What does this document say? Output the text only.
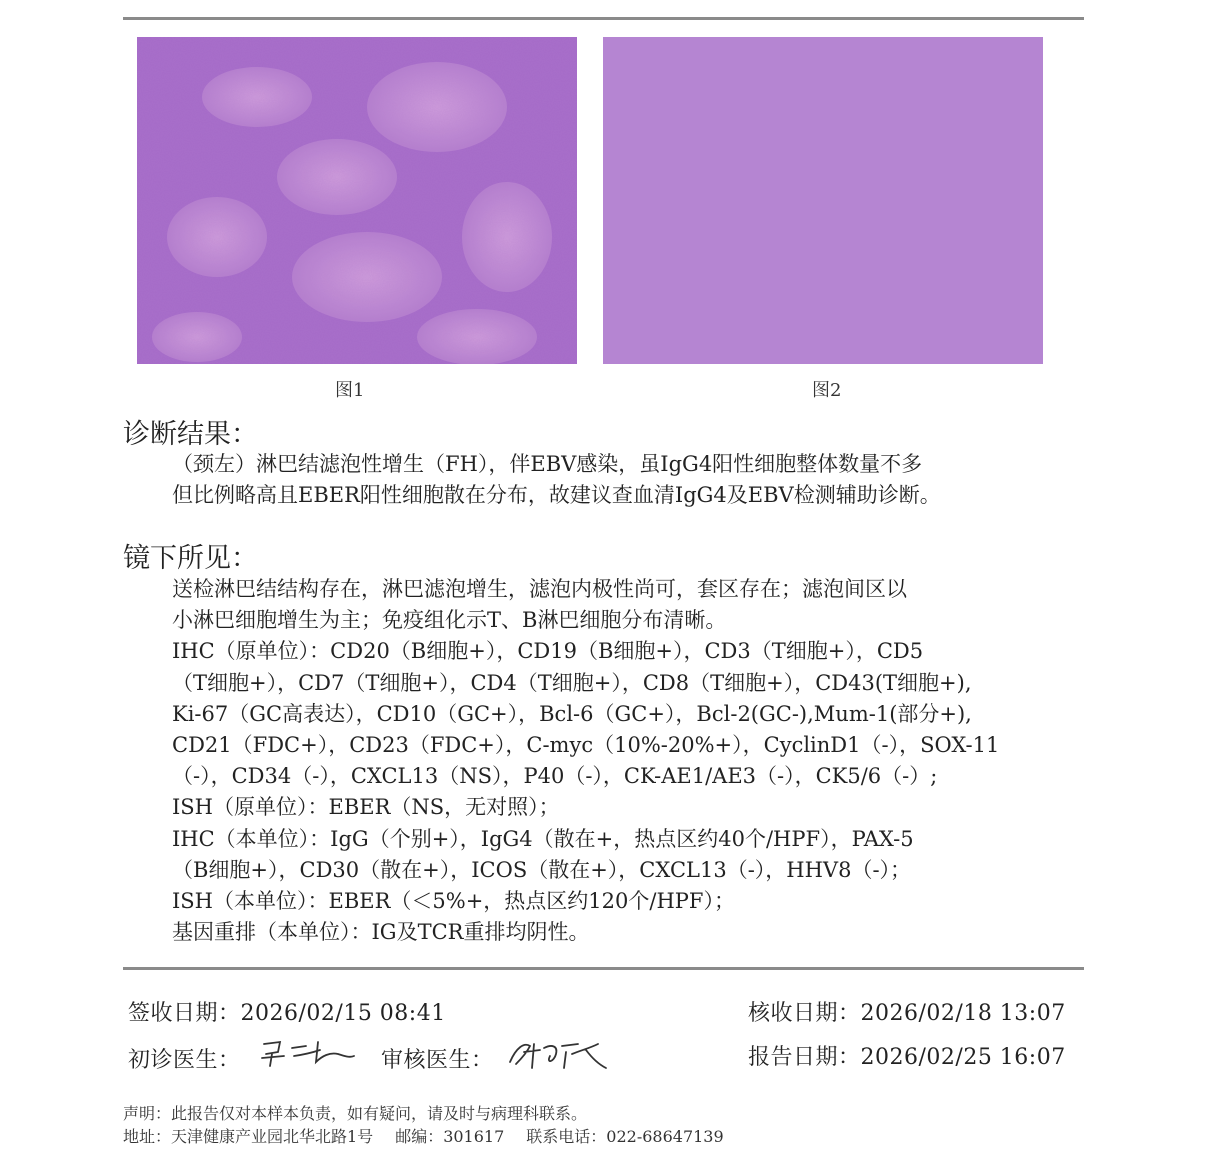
图1	图2
诊断结果：
（颈左）淋巴结滤泡性增生（FH），伴EBV感染，虽IgG4阳性细胞整体数量不多
但比例略高且EBER阳性细胞散在分布，故建议查血清IgG4及EBV检测辅助诊断。
镜下所见：
送检淋巴结结构存在，淋巴滤泡增生，滤泡内极性尚可，套区存在；滤泡间区以
小淋巴细胞增生为主；免疫组化示T、B淋巴细胞分布清晰。
IHC（原单位）：CD20（B细胞+），CD19（B细胞+），CD3（T细胞+），CD5
（T细胞+），CD7（T细胞+），CD4（T细胞+），CD8（T细胞+），CD43(T细胞+),
Ki-67（GC高表达），CD10（GC+），Bcl-6（GC+），Bcl-2(GC-),Mum-1(部分+),
CD21（FDC+），CD23（FDC+），C-myc（10%-20%+），CyclinD1（-），SOX-11
（-），CD34（-），CXCL13（NS），P40（-），CK-AE1/AE3（-），CK5/6（-）;
ISH（原单位）：EBER（NS，无对照）；
IHC（本单位）：IgG（个别+），IgG4（散在+，热点区约40个/HPF），PAX-5
（B细胞+），CD30（散在+），ICOS（散在+），CXCL13（-），HHV8（-）；
ISH（本单位）：EBER（＜5%+，热点区约120个/HPF）；
基因重排（本单位）：IG及TCR重排均阴性。
签收日期：2026/02/15 08:41	核收日期：2026/02/18 13:07
初诊医生：	审核医生：	报告日期：2026/02/25 16:07
声明：此报告仅对本样本负责，如有疑问，请及时与病理科联系。
地址：天津健康产业园北华北路1号 邮编：301617 联系电话：022-68647139
